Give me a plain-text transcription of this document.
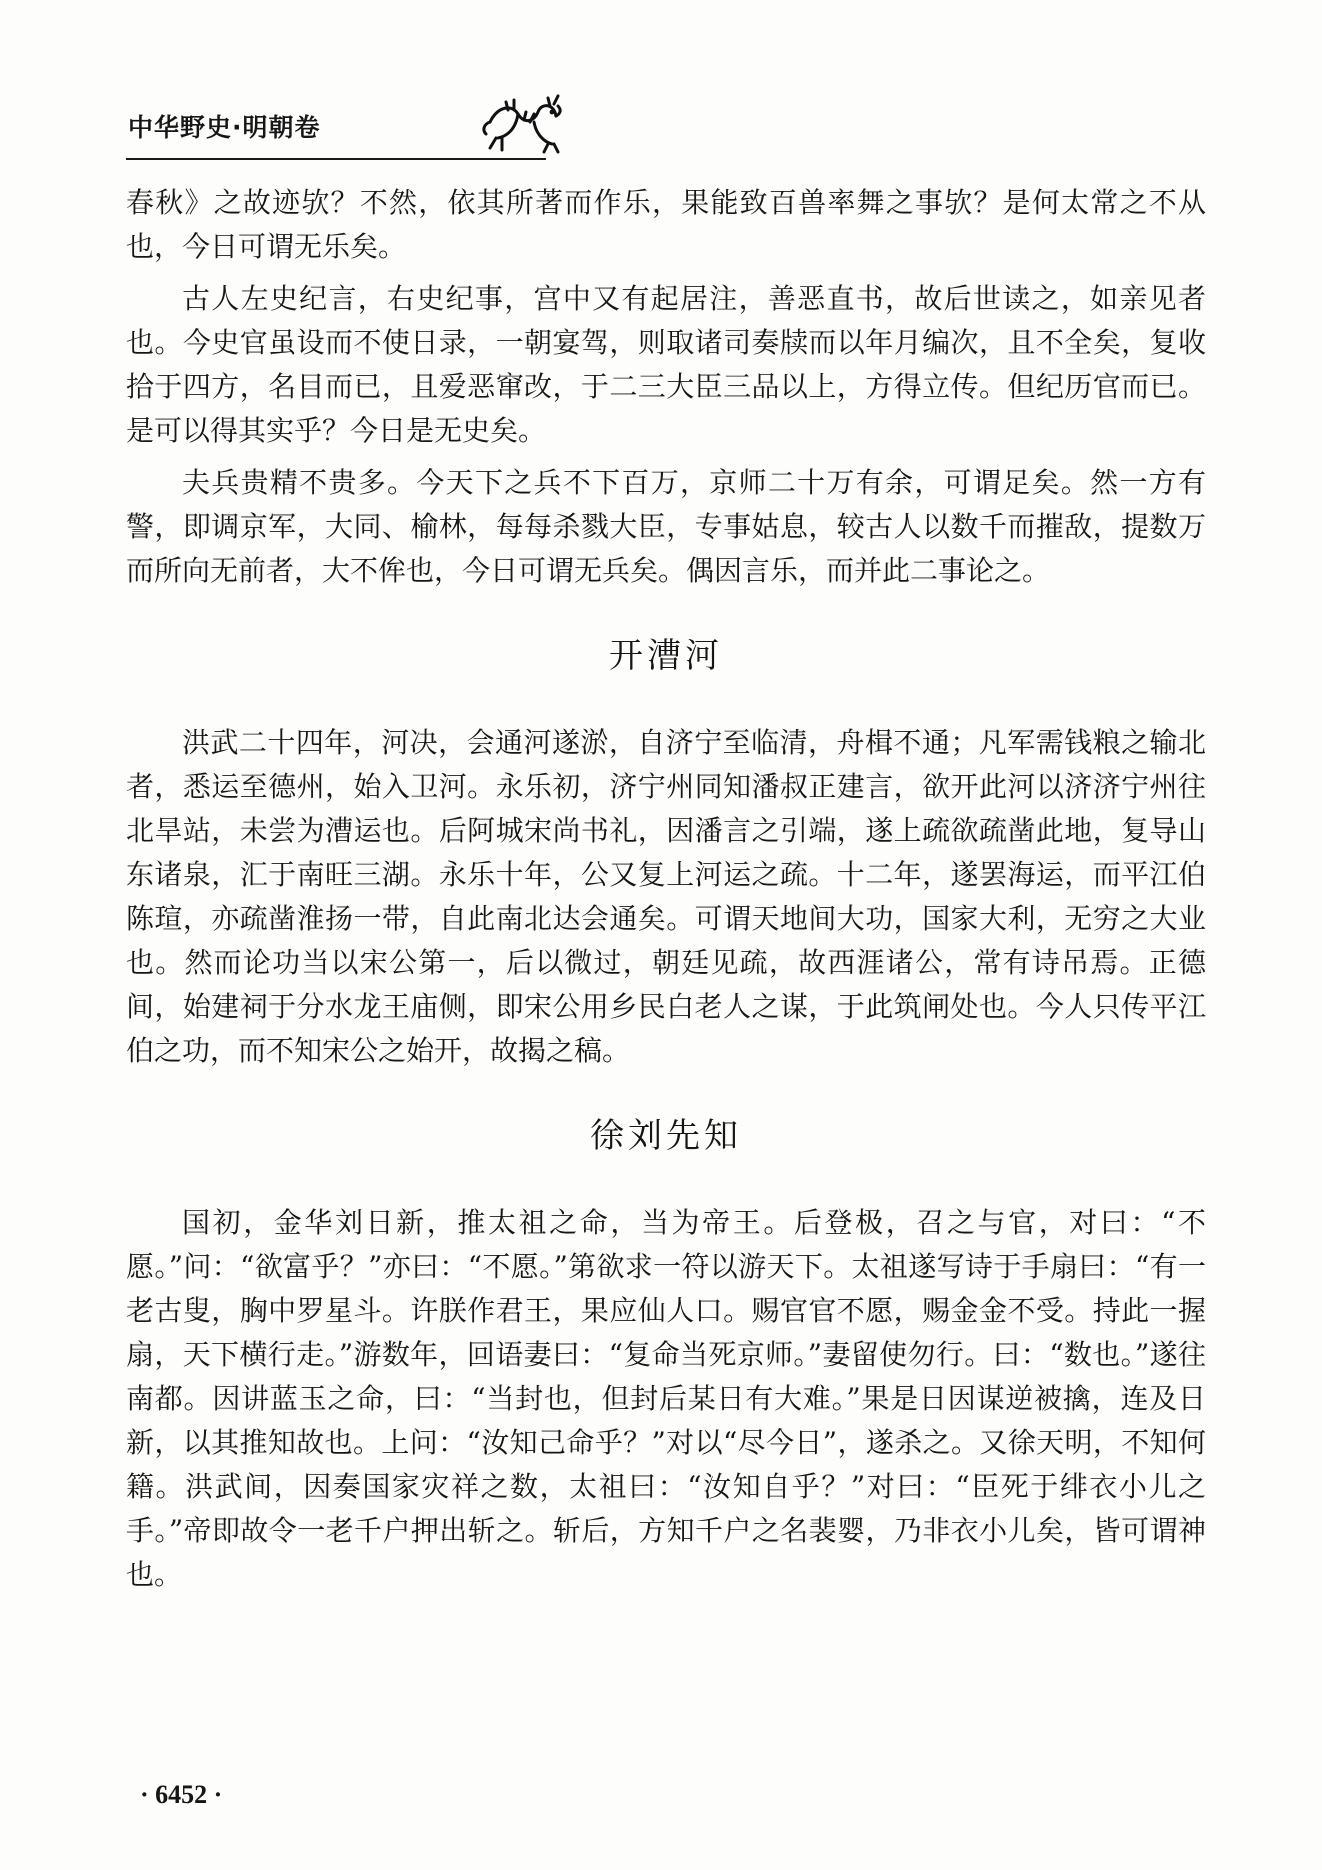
中华野史·明朝卷

春秋》之故迹欤？不然，依其所著而作乐，果能致百兽率舞之事欤？是何太常之不从也，今日可谓无乐矣。

古人左史纪言，右史纪事，宫中又有起居注，善恶直书，故后世读之，如亲见者也。今史官虽设而不使日录，一朝宴驾，则取诸司奏牍而以年月编次，且不全矣，复收拾于四方，名目而已，且爱恶窜改，于二三大臣三品以上，方得立传。但纪历官而已。是可以得其实乎？今日是无史矣。

夫兵贵精不贵多。今天下之兵不下百万，京师二十万有余，可谓足矣。然一方有警，即调京军，大同、榆林，每每杀戮大臣，专事姑息，较古人以数千而摧敌，提数万而所向无前者，大不侔也，今日可谓无兵矣。偶因言乐，而并此二事论之。

开漕河

洪武二十四年，河决，会通河遂淤，自济宁至临清，舟楫不通；凡军需钱粮之输北者，悉运至德州，始入卫河。永乐初，济宁州同知潘叔正建言，欲开此河以济济宁州往北旱站，未尝为漕运也。后阿城宋尚书礼，因潘言之引端，遂上疏欲疏凿此地，复导山东诸泉，汇于南旺三湖。永乐十年，公又复上河运之疏。十二年，遂罢海运，而平江伯陈瑄，亦疏凿淮扬一带，自此南北达会通矣。可谓天地间大功，国家大利，无穷之大业也。然而论功当以宋公第一，后以微过，朝廷见疏，故西涯诸公，常有诗吊焉。正德间，始建祠于分水龙王庙侧，即宋公用乡民白老人之谋，于此筑闸处也。今人只传平江伯之功，而不知宋公之始开，故揭之稿。

徐刘先知

国初，金华刘日新，推太祖之命，当为帝王。后登极，召之与官，对曰：“不愿。”问：“欲富乎？”亦曰：“不愿。”第欲求一符以游天下。太祖遂写诗于手扇曰：“有一老古叟，胸中罗星斗。许朕作君王，果应仙人口。赐官官不愿，赐金金不受。持此一握扇，天下横行走。”游数年，回语妻曰：“复命当死京师。”妻留使勿行。曰：“数也。”遂往南都。因讲蓝玉之命，曰：“当封也，但封后某日有大难。”果是日因谋逆被擒，连及日新，以其推知故也。上问：“汝知己命乎？”对以“尽今日”，遂杀之。又徐天明，不知何籍。洪武间，因奏国家灾祥之数，太祖曰：“汝知自乎？”对曰：“臣死于绯衣小儿之手。”帝即故令一老千户押出斩之。斩后，方知千户之名裴婴，乃非衣小儿矣，皆可谓神也。

· 6452 ·
